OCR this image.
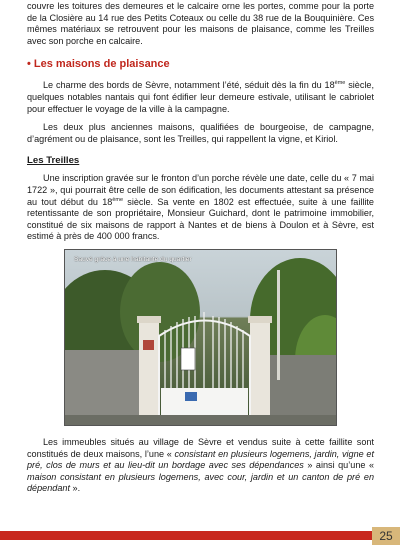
couvre les toitures des demeures et le calcaire orne les portes, comme pour la porte de la Closière au 14 rue des Petits Coteaux ou celle du 38 rue de la Bouquinière. Ces mêmes matériaux se retrouvent pour les maisons de plaisance, comme les Treilles avec son porche en calcaire.

• Les maisons de plaisance

Le charme des bords de Sèvre, notamment l’été, séduit dès la fin du 18ème siècle, quelques notables nantais qui font édifier leur demeure estivale, utilisant le cabriolet pour effectuer le voyage de la ville à la campagne.

Les deux plus anciennes maisons, qualifiées de bourgeoise, de campagne, d’agrément ou de plaisance, sont les Treilles, qui rappellent la vigne, et Kiriol.

Les Treilles

Une inscription gravée sur le fronton d’un porche révèle une date, celle du « 7 mai 1722 », qui pourrait être celle de son édification, les documents attestant sa présence au tout début du 18ème siècle. Sa vente en 1802 est effectuée, suite à une faillite retentissante de son propriétaire, Monsieur Guichard, dont le patrimoine immobilier, constitué de six maisons de rapport à Nantes et de biens à Doulon et à Sèvre, est estimé à près de 400 000 francs.

Sauvé grâce à une habitante du quartier

Les immeubles situés au village de Sèvre et vendus suite à cette faillite sont constitués de deux maisons, l’une « consistant en plusieurs logemens, jardin, vigne et pré, clos de murs et au lieu-dit un bordage avec ses dépendances » ainsi qu’une « maison consistant en plusieurs logemens, avec cour, jardin et un canton de pré en dépendant ».

25
